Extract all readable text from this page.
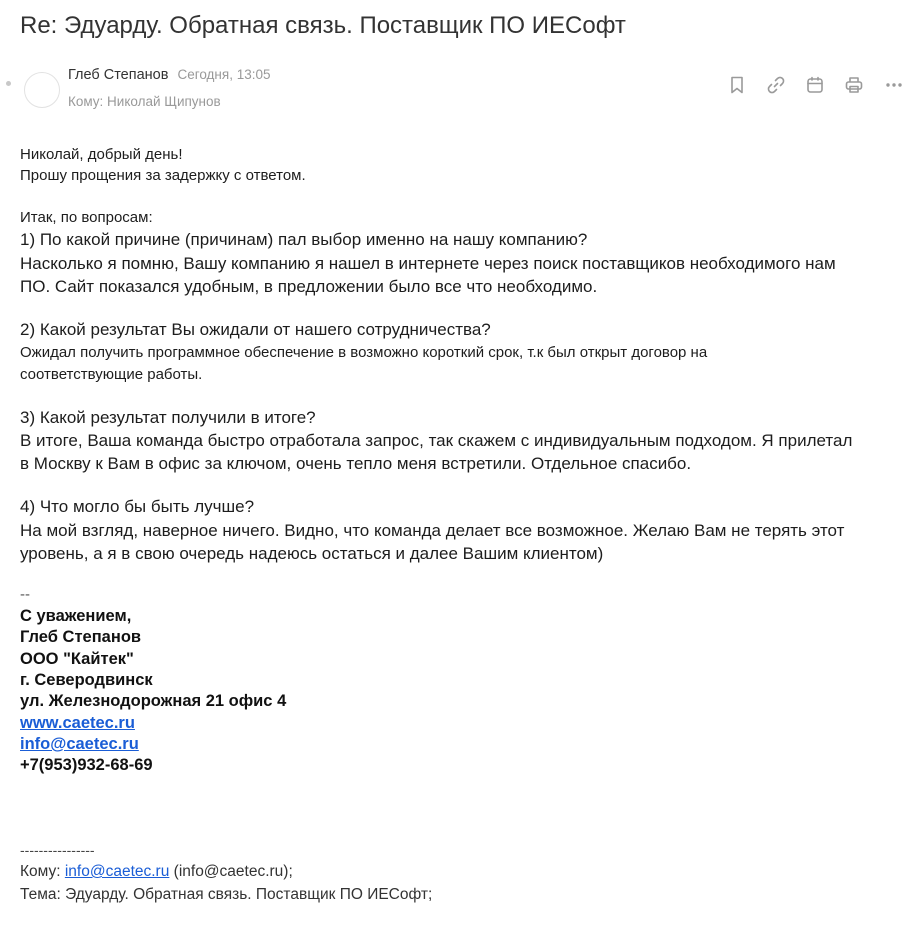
Re: Эдуарду. Обратная связь. Поставщик ПО ИЕСофт
Глеб Степанов Сегодня, 13:05
Кому: Николай Щипунов
Николай, добрый день!
Прошу прощения за задержку с ответом.
Итак, по вопросам:
1) По какой причине (причинам) пал выбор именно на нашу компанию?
Насколько я помню, Вашу компанию я нашел в интернете через поиск поставщиков необходимого нам
ПО. Сайт показался удобным, в предложении было все что необходимо.
2) Какой результат Вы ожидали от нашего сотрудничества?
Ожидал получить программное обеспечение в возможно короткий срок, т.к был открыт договор на
соответствующие работы.
3) Какой результат получили в итоге?
В итоге, Ваша команда быстро отработала запрос, так скажем с индивидуальным подходом. Я прилетал
в Москву к Вам в офис за ключом, очень тепло меня встретили. Отдельное спасибо.
4) Что могло бы быть лучше?
На мой взгляд, наверное ничего. Видно, что команда делает все возможное. Желаю Вам не терять этот
уровень, а я в свою очередь надеюсь остаться и далее Вашим клиентом)
--
С уважением,
Глеб Степанов
ООО "Кайтек"
г. Северодвинск
ул. Железнодорожная 21 офис 4
www.caetec.ru
info@caetec.ru
+7(953)932-68-69
----------------
Кому: info@caetec.ru (info@caetec.ru);
Тема: Эдуарду. Обратная связь. Поставщик ПО ИЕСофт;
